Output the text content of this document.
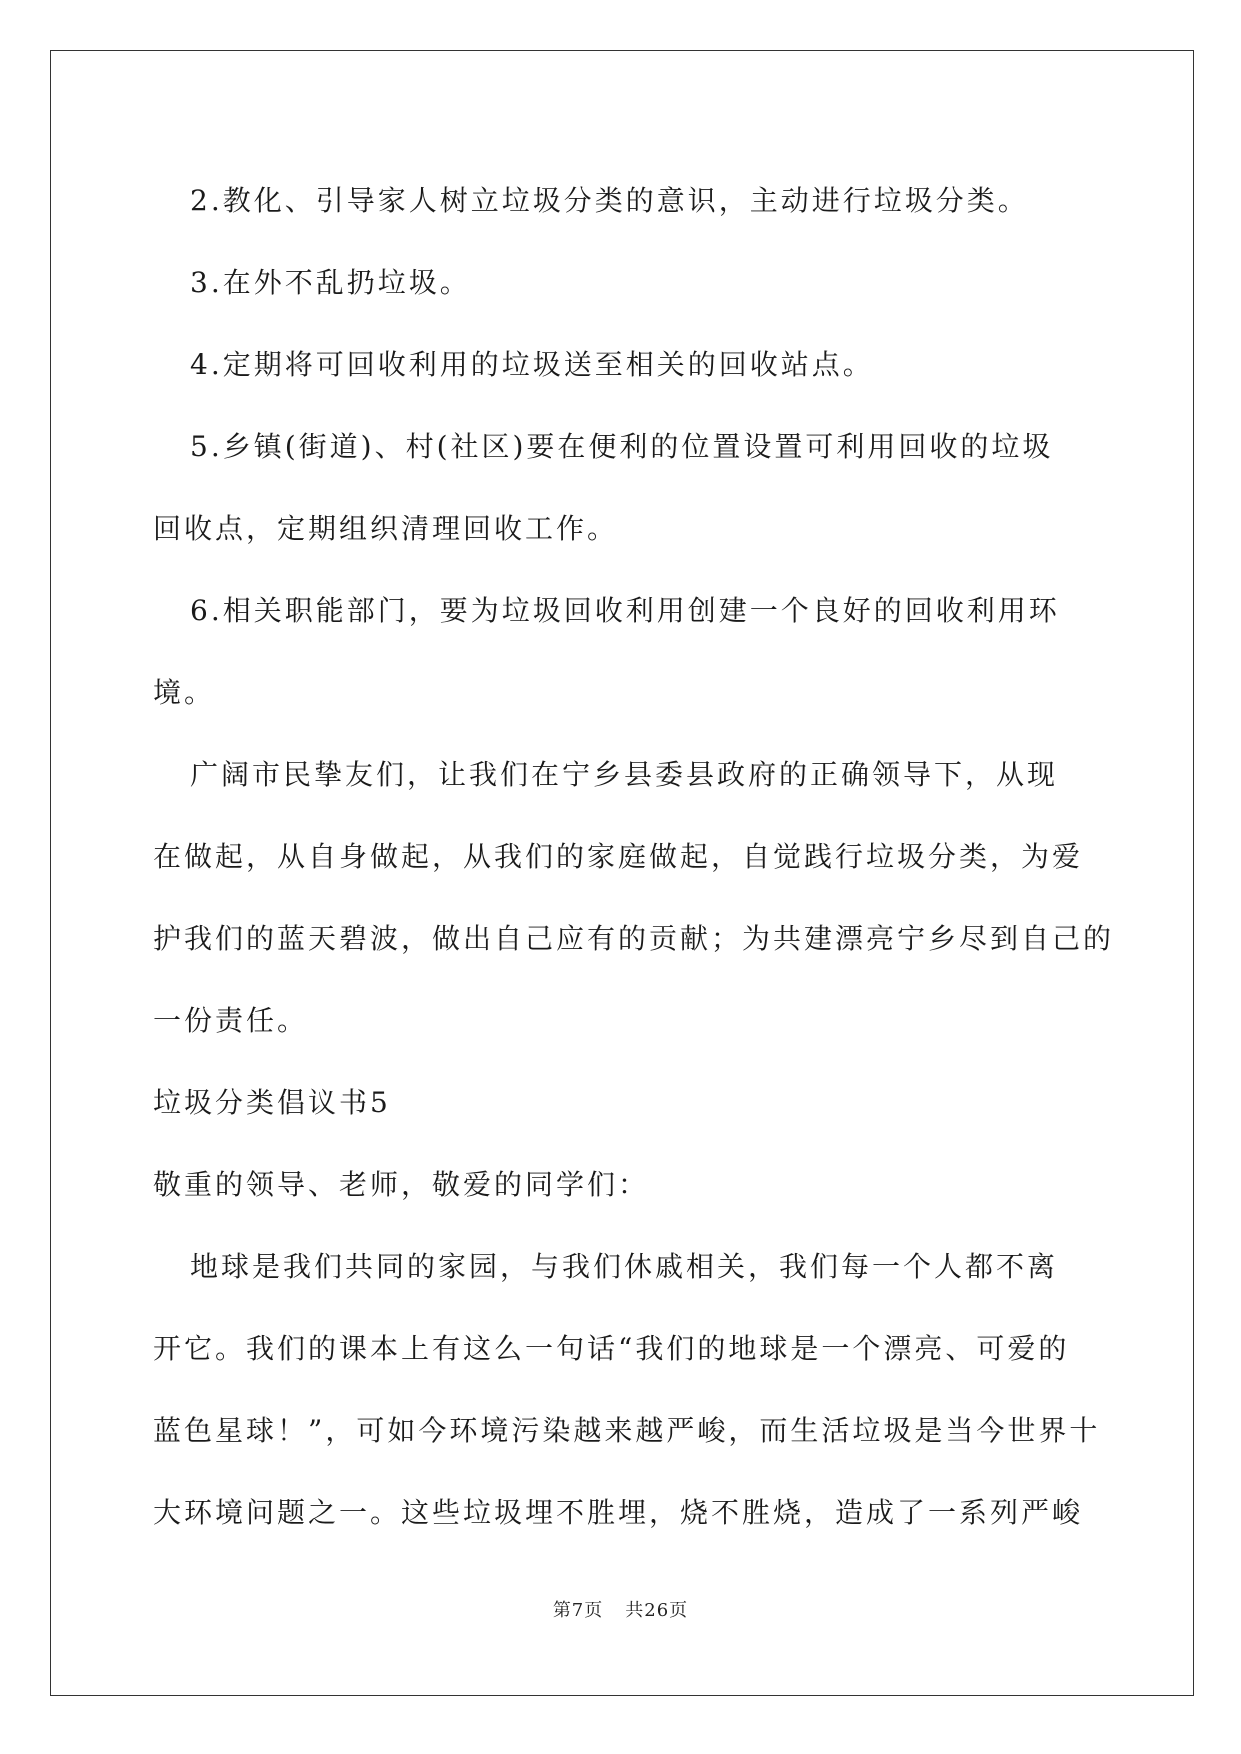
2.教化、引导家人树立垃圾分类的意识，主动进行垃圾分类。
3.在外不乱扔垃圾。
4.定期将可回收利用的垃圾送至相关的回收站点。
5.乡镇(街道)、村(社区)要在便利的位置设置可利用回收的垃圾
回收点，定期组织清理回收工作。
6.相关职能部门，要为垃圾回收利用创建一个良好的回收利用环
境。
广阔市民挚友们，让我们在宁乡县委县政府的正确领导下，从现
在做起，从自身做起，从我们的家庭做起，自觉践行垃圾分类，为爱
护我们的蓝天碧波，做出自己应有的贡献；为共建漂亮宁乡尽到自己的
一份责任。
垃圾分类倡议书5
敬重的领导、老师，敬爱的同学们：
地球是我们共同的家园，与我们休戚相关，我们每一个人都不离
开它。我们的课本上有这么一句话“我们的地球是一个漂亮、可爱的
蓝色星球！”，可如今环境污染越来越严峻，而生活垃圾是当今世界十
大环境问题之一。这些垃圾埋不胜埋，烧不胜烧，造成了一系列严峻
第7页 共26页
